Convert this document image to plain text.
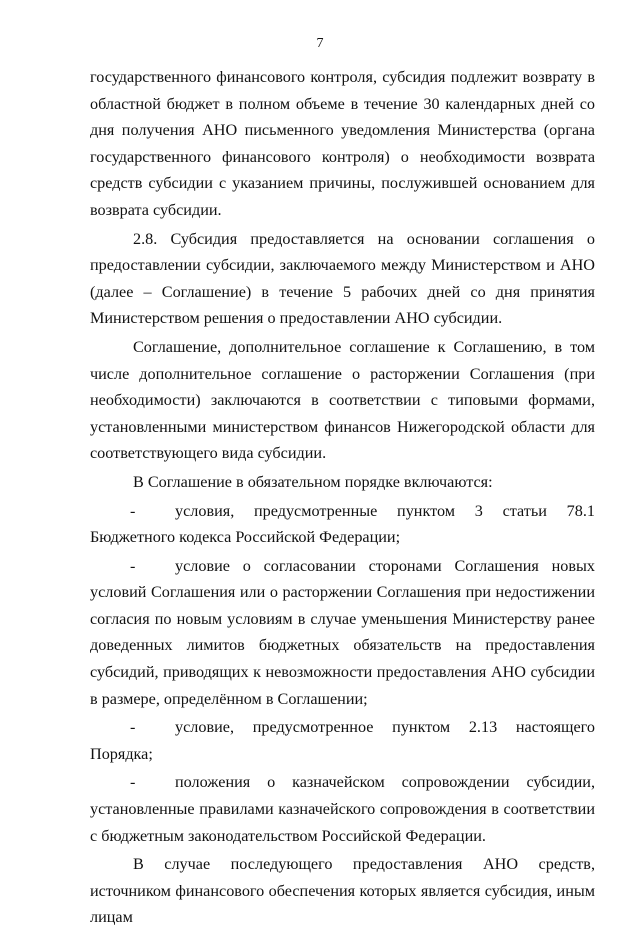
7

государственного финансового контроля, субсидия подлежит возврату в областной бюджет в полном объеме в течение 30 календарных дней со дня получения АНО письменного уведомления Министерства (органа государственного финансового контроля) о необходимости возврата средств субсидии с указанием причины, послужившей основанием для возврата субсидии.

2.8. Субсидия предоставляется на основании соглашения о предоставлении субсидии, заключаемого между Министерством и АНО (далее – Соглашение) в течение 5 рабочих дней со дня принятия Министерством решения о предоставлении АНО субсидии.

Соглашение, дополнительное соглашение к Соглашению, в том числе дополнительное соглашение о расторжении Соглашения (при необходимости) заключаются в соответствии с типовыми формами, установленными министерством финансов Нижегородской области для соответствующего вида субсидии.

В Соглашение в обязательном порядке включаются:

- условия, предусмотренные пунктом 3 статьи 78.1 Бюджетного кодекса Российской Федерации;

- условие о согласовании сторонами Соглашения новых условий Соглашения или о расторжении Соглашения при недостижении согласия по новым условиям в случае уменьшения Министерству ранее доведенных лимитов бюджетных обязательств на предоставления субсидий, приводящих к невозможности предоставления АНО субсидии в размере, определённом в Соглашении;

- условие, предусмотренное пунктом 2.13 настоящего Порядка;

- положения о казначейском сопровождении субсидии, установленные правилами казначейского сопровождения в соответствии с бюджетным законодательством Российской Федерации.

В случае последующего предоставления АНО средств, источником финансового обеспечения которых является субсидия, иным лицам
